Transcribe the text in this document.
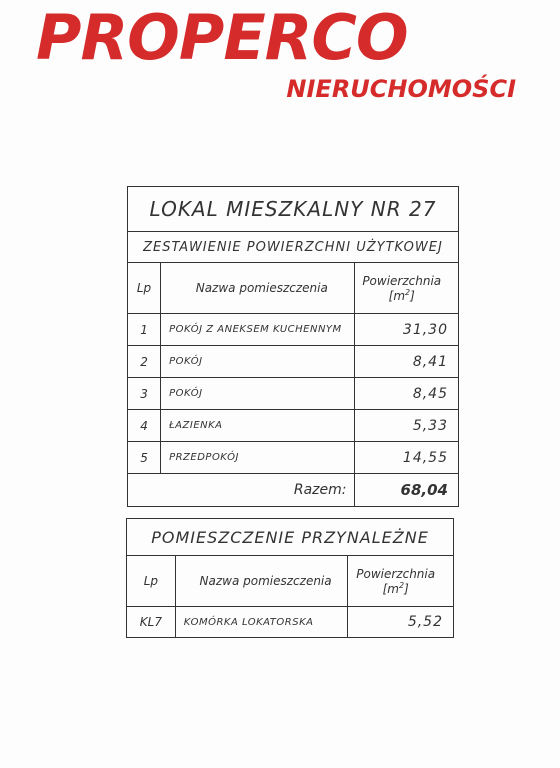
PROPERCO
NIERUCHOMOŚCI
LOKAL MIESZKALNY NR 27		
ZESTAWIENIE POWIERZCHNI UŻYTKOWEJ		
Lp	Nazwa pomieszczenia	Powierzchnia
$[m^2]$

1	POKÓJ Z ANEKSEM KUCHENNYM	31,30
2	POKÓJ	8,41
3	POKÓJ	8,45
4	ŁAZIENKA	5,33
5	PRZEDPOKÓJ	14,55
Razem:		68,04
POMIESZCZENIE PRZYNALEŻNE		
Lp	Nazwa pomieszczenia	Powierzchnia
$[m^2]$

KL7	KOMÓRKA LOKATORSKA	5,52
